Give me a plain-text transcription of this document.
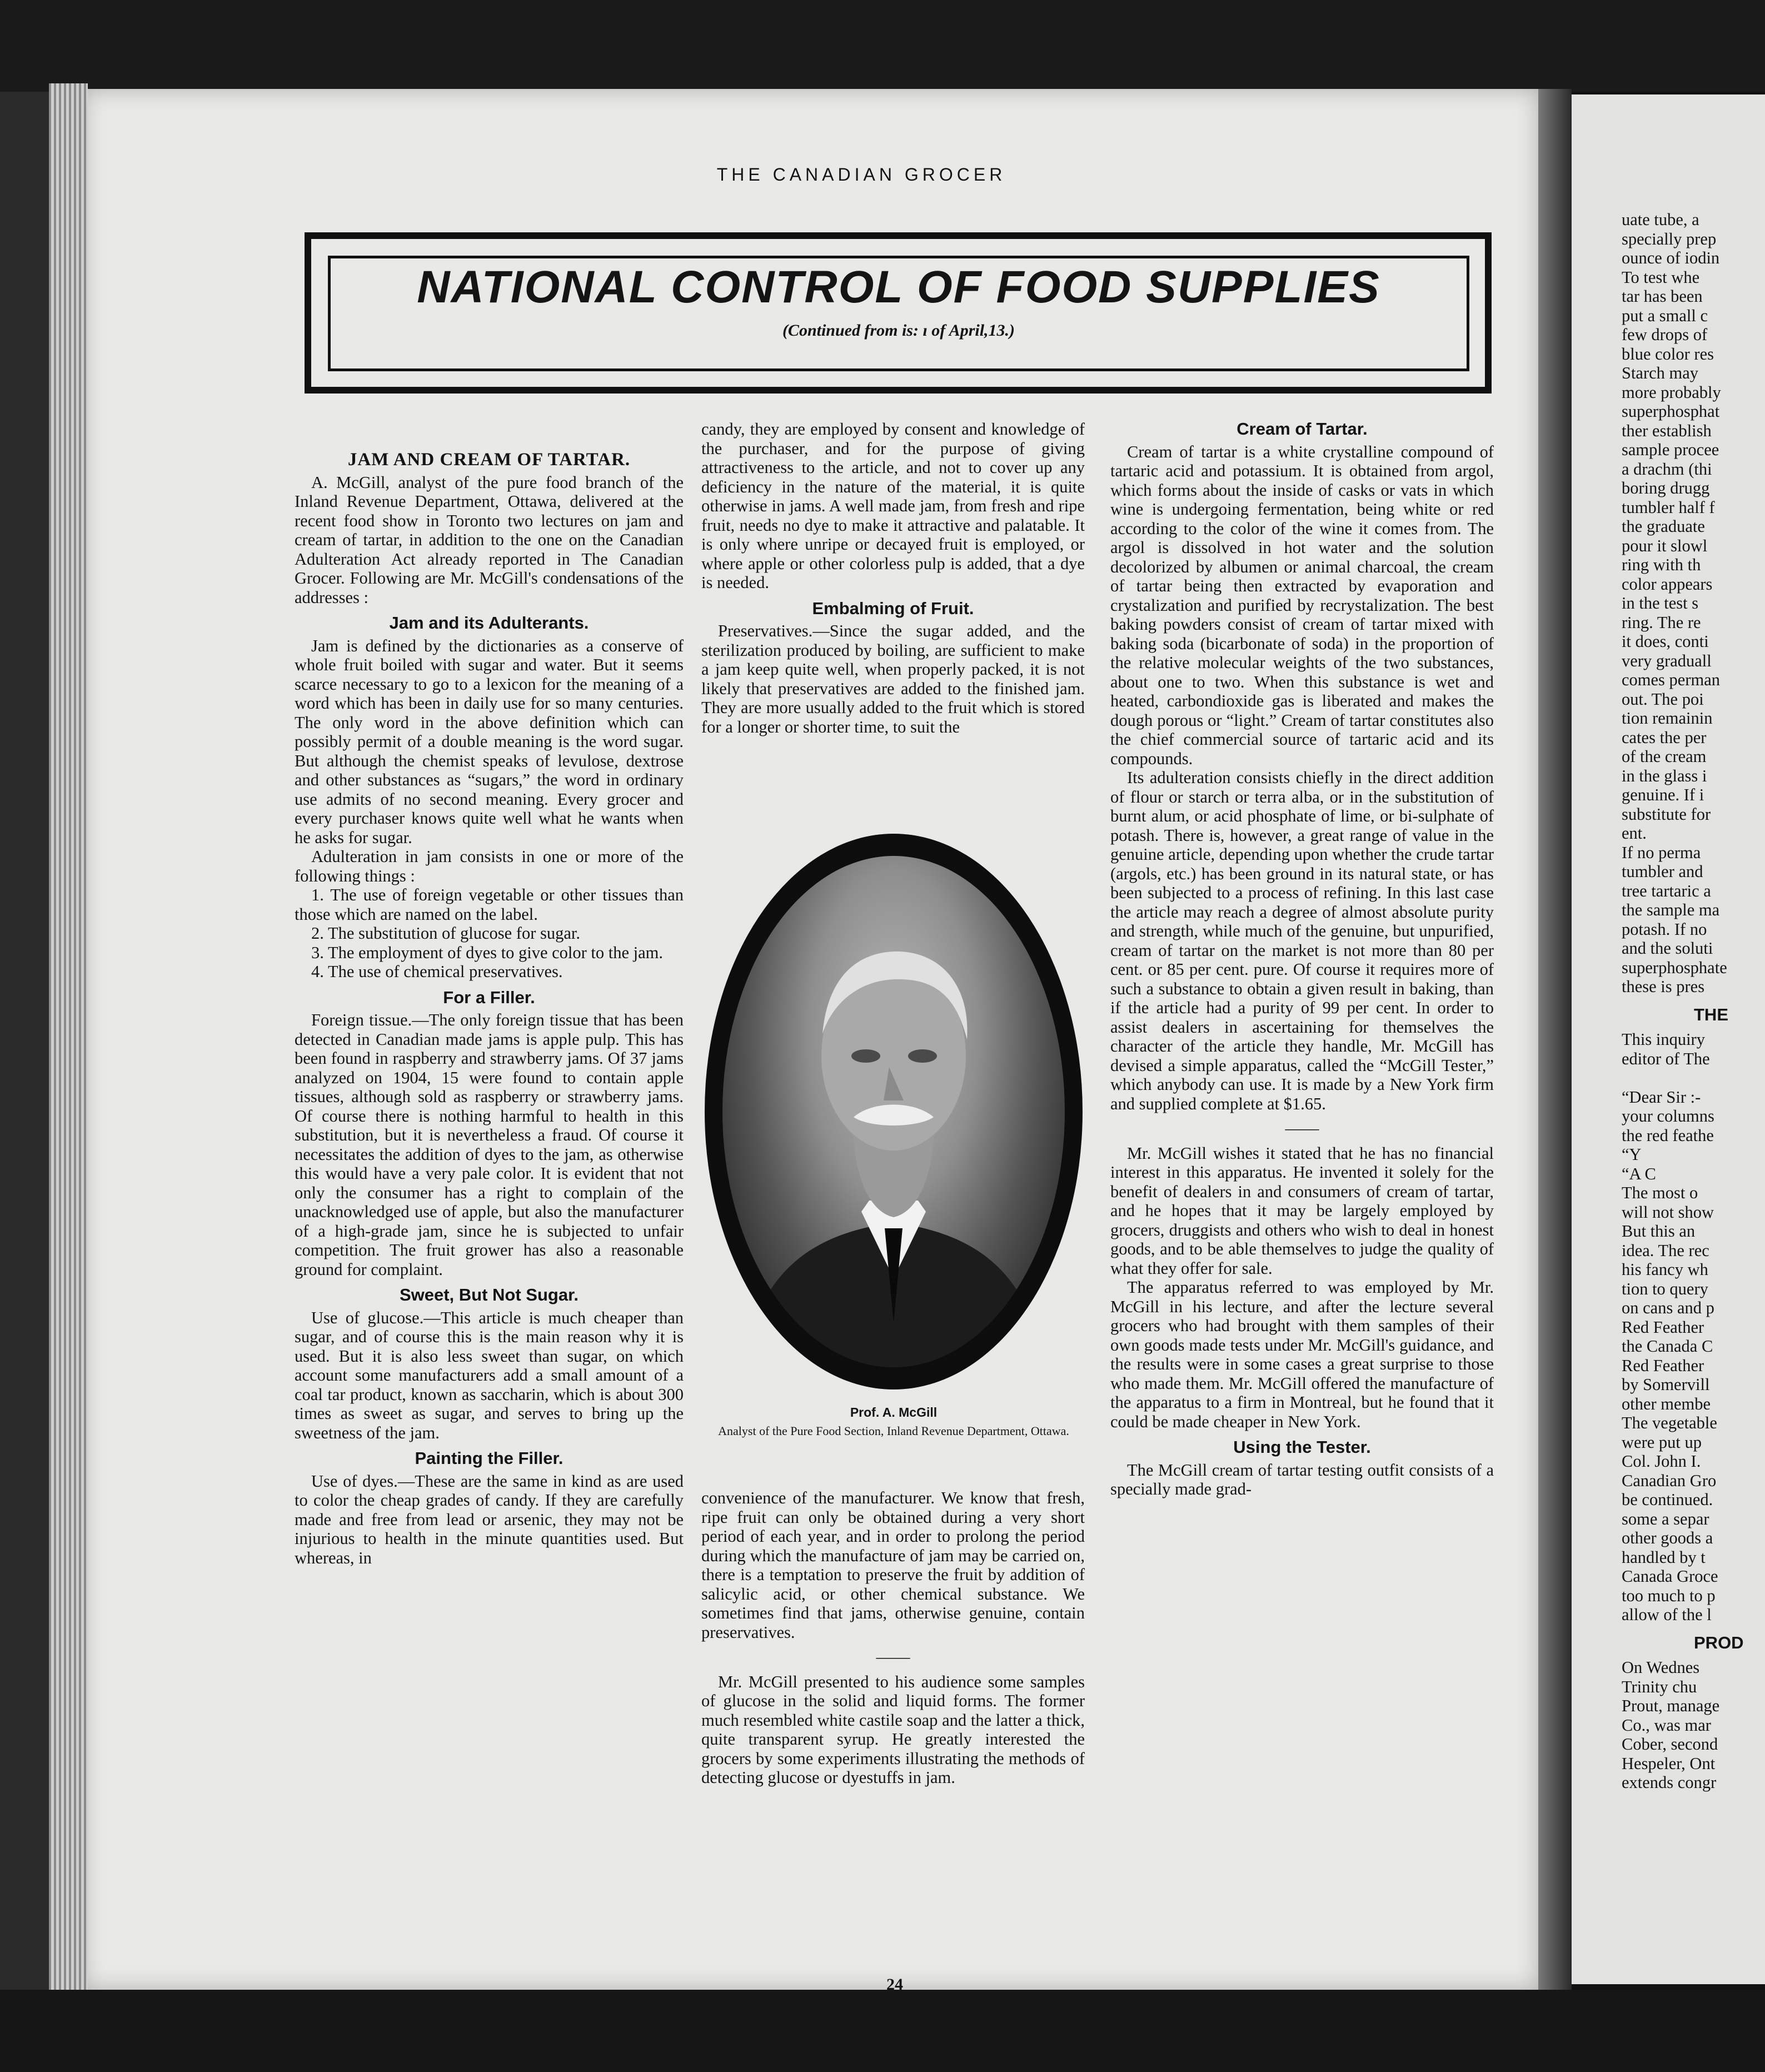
THE CANADIAN GROCER
NATIONAL CONTROL OF FOOD SUPPLIES
(Continued from is: ı of April,13.)

JAM AND CREAM OF TARTAR.

A. McGill, analyst of the pure food branch of the Inland Revenue Department, Ottawa, delivered at the recent food show in Toronto two lectures on jam and cream of tartar, in addition to the one on the Canadian Adulteration Act already reported in The Canadian Grocer. Following are Mr. McGill's condensations of the addresses :

Jam and its Adulterants.

Jam is defined by the dictionaries as a conserve of whole fruit boiled with sugar and water. But it seems scarce necessary to go to a lexicon for the meaning of a word which has been in daily use for so many centuries. The only word in the above definition which can possibly permit of a double meaning is the word sugar. But although the chemist speaks of levulose, dextrose and other substances as “sugars,” the word in ordinary use admits of no second meaning. Every grocer and every purchaser knows quite well what he wants when he asks for sugar.

Adulteration in jam consists in one or more of the following things :

1. The use of foreign vegetable or other tissues than those which are named on the label.

2. The substitution of glucose for sugar.

3. The employment of dyes to give color to the jam.

4. The use of chemical preservatives.

For a Filler.

Foreign tissue.—The only foreign tissue that has been detected in Canadian made jams is apple pulp. This has been found in raspberry and strawberry jams. Of 37 jams analyzed on 1904, 15 were found to contain apple tissues, although sold as raspberry or strawberry jams. Of course there is nothing harmful to health in this substitution, but it is nevertheless a fraud. Of course it necessitates the addition of dyes to the jam, as otherwise this would have a very pale color. It is evident that not only the consumer has a right to complain of the unacknowledged use of apple, but also the manufacturer of a high-grade jam, since he is subjected to unfair competition. The fruit grower has also a reasonable ground for complaint.

Sweet, But Not Sugar.

Use of glucose.—This article is much cheaper than sugar, and of course this is the main reason why it is used. But it is also less sweet than sugar, on which account some manufacturers add a small amount of a coal tar product, known as saccharin, which is about 300 times as sweet as sugar, and serves to bring up the sweetness of the jam.

Painting the Filler.

Use of dyes.—These are the same in kind as are used to color the cheap grades of candy. If they are carefully made and free from lead or arsenic, they may not be injurious to health in the minute quantities used. But whereas, in

candy, they are employed by consent and knowledge of the purchaser, and for the purpose of giving attractiveness to the article, and not to cover up any deficiency in the nature of the material, it is quite otherwise in jams. A well made jam, from fresh and ripe fruit, needs no dye to make it attractive and palatable. It is only where unripe or decayed fruit is employed, or where apple or other colorless pulp is added, that a dye is needed.

Embalming of Fruit.

Preservatives.—Since the sugar added, and the sterilization produced by boiling, are sufficient to make a jam keep quite well, when properly packed, it is not likely that preservatives are added to the finished jam. They are more usually added to the fruit which is stored for a longer or shorter time, to suit the

Prof. A. McGill
Analyst of the Pure Food Section, Inland Revenue Department, Ottawa.

convenience of the manufacturer. We know that fresh, ripe fruit can only be obtained during a very short period of each year, and in order to prolong the period during which the manufacture of jam may be carried on, there is a temptation to preserve the fruit by addition of salicylic acid, or other chemical substance. We sometimes find that jams, otherwise genuine, contain preservatives.

——

Mr. McGill presented to his audience some samples of glucose in the solid and liquid forms. The former much resembled white castile soap and the latter a thick, quite transparent syrup. He greatly interested the grocers by some experiments illustrating the methods of detecting glucose or dyestuffs in jam.

Cream of Tartar.

Cream of tartar is a white crystalline compound of tartaric acid and potassium. It is obtained from argol, which forms about the inside of casks or vats in which wine is undergoing fermentation, being white or red according to the color of the wine it comes from. The argol is dissolved in hot water and the solution decolorized by albumen or animal charcoal, the cream of tartar being then extracted by evaporation and crystalization and purified by recrystalization. The best baking powders consist of cream of tartar mixed with baking soda (bicarbonate of soda) in the proportion of the relative molecular weights of the two substances, about one to two. When this substance is wet and heated, carbondioxide gas is liberated and makes the dough porous or “light.” Cream of tartar constitutes also the chief commercial source of tartaric acid and its compounds.

Its adulteration consists chiefly in the direct addition of flour or starch or terra alba, or in the substitution of burnt alum, or acid phosphate of lime, or bi-sulphate of potash. There is, however, a great range of value in the genuine article, depending upon whether the crude tartar (argols, etc.) has been ground in its natural state, or has been subjected to a process of refining. In this last case the article may reach a degree of almost absolute purity and strength, while much of the genuine, but unpurified, cream of tartar on the market is not more than 80 per cent. or 85 per cent. pure. Of course it requires more of such a substance to obtain a given result in baking, than if the article had a purity of 99 per cent. In order to assist dealers in ascertaining for themselves the character of the article they handle, Mr. McGill has devised a simple apparatus, called the “McGill Tester,” which anybody can use. It is made by a New York firm and supplied complete at $1.65.

——

Mr. McGill wishes it stated that he has no financial interest in this apparatus. He invented it solely for the benefit of dealers in and consumers of cream of tartar, and he hopes that it may be largely employed by grocers, druggists and others who wish to deal in honest goods, and to be able themselves to judge the quality of what they offer for sale.

The apparatus referred to was employed by Mr. McGill in his lecture, and after the lecture several grocers who had brought with them samples of their own goods made tests under Mr. McGill's guidance, and the results were in some cases a great surprise to those who made them. Mr. McGill offered the manufacture of the apparatus to a firm in Montreal, but he found that it could be made cheaper in New York.

Using the Tester.

The McGill cream of tartar testing outfit consists of a specially made grad-

24

uate tube, a

specially prep

ounce of iodin

To test whe

tar has been

put a small c

few drops of

blue color res

Starch may

more probably

superphosphat

ther establish

sample procee

a drachm (thi

boring drugg

tumbler half f

the graduate

pour it slowl

ring with th

color appears

in the test s

ring. The re

it does, conti

very graduall

comes perman

out. The poi

tion remainin

cates the per

of the cream

in the glass i

genuine. If i

substitute for

ent.

If no perma

tumbler and

tree tartaric a

the sample ma

potash. If no

and the soluti

superphosphate

these is pres

THE

This inquiry

editor of The

“Dear Sir :-

your columns

the red feathe

“Y

“A C

The most o

will not show

But this an

idea. The rec

his fancy wh

tion to query

on cans and p

Red Feather

the Canada C

Red Feather

by Somervill

other membe

The vegetable

were put up

Col. John I.

Canadian Gro

be continued.

some a separ

other goods a

handled by t

Canada Groce

too much to p

allow of the l

PROD

On Wednes

Trinity chu

Prout, manage

Co., was mar

Cober, second

Hespeler, Ont

extends congr
